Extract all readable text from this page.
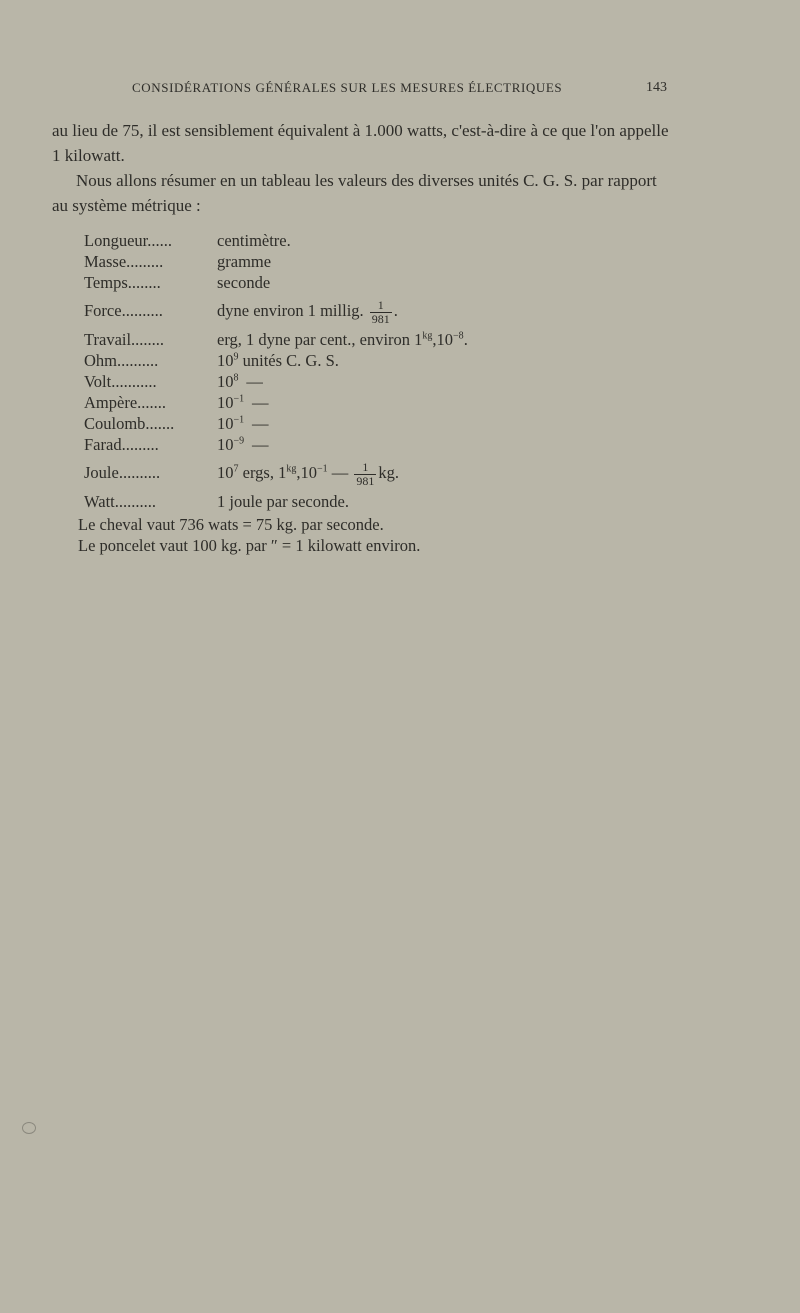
CONSIDÉRATIONS GÉNÉRALES SUR LES MESURES ÉLECTRIQUES	143

au lieu de 75, il est sensiblement équivalent à 1.000 watts, c'est-à-dire à ce que l'on appelle 1 kilowatt.

Nous allons résumer en un tableau les valeurs des diverses unités C. G. S. par rapport au système métrique :

Longueur......	centimètre.
Masse.........	gramme
Temps........	seconde
Force..........	dyne environ 1 millig. $\frac{1}{981}$ .
Travail........	erg, 1 dyne par cent., environ $1^{kg},10^{-8}$.
Ohm..........	$10^9$ unités C. G. S.
Volt...........	$10^8$ —
Ampère.......	$10^{-1}$ —
Coulomb.......	$10^{-1}$ —
Farad.........	$10^{-9}$ —
Joule..........	$10^7$ ergs, $1^{kg},10^{-1}$ — $\frac{1}{981}$ kg.
Watt..........	1 joule par seconde.
Le cheval vaut 736 wats = 75 kg. par seconde.
Le poncelet vaut 100 kg. par ″ = 1 kilowatt environ.
